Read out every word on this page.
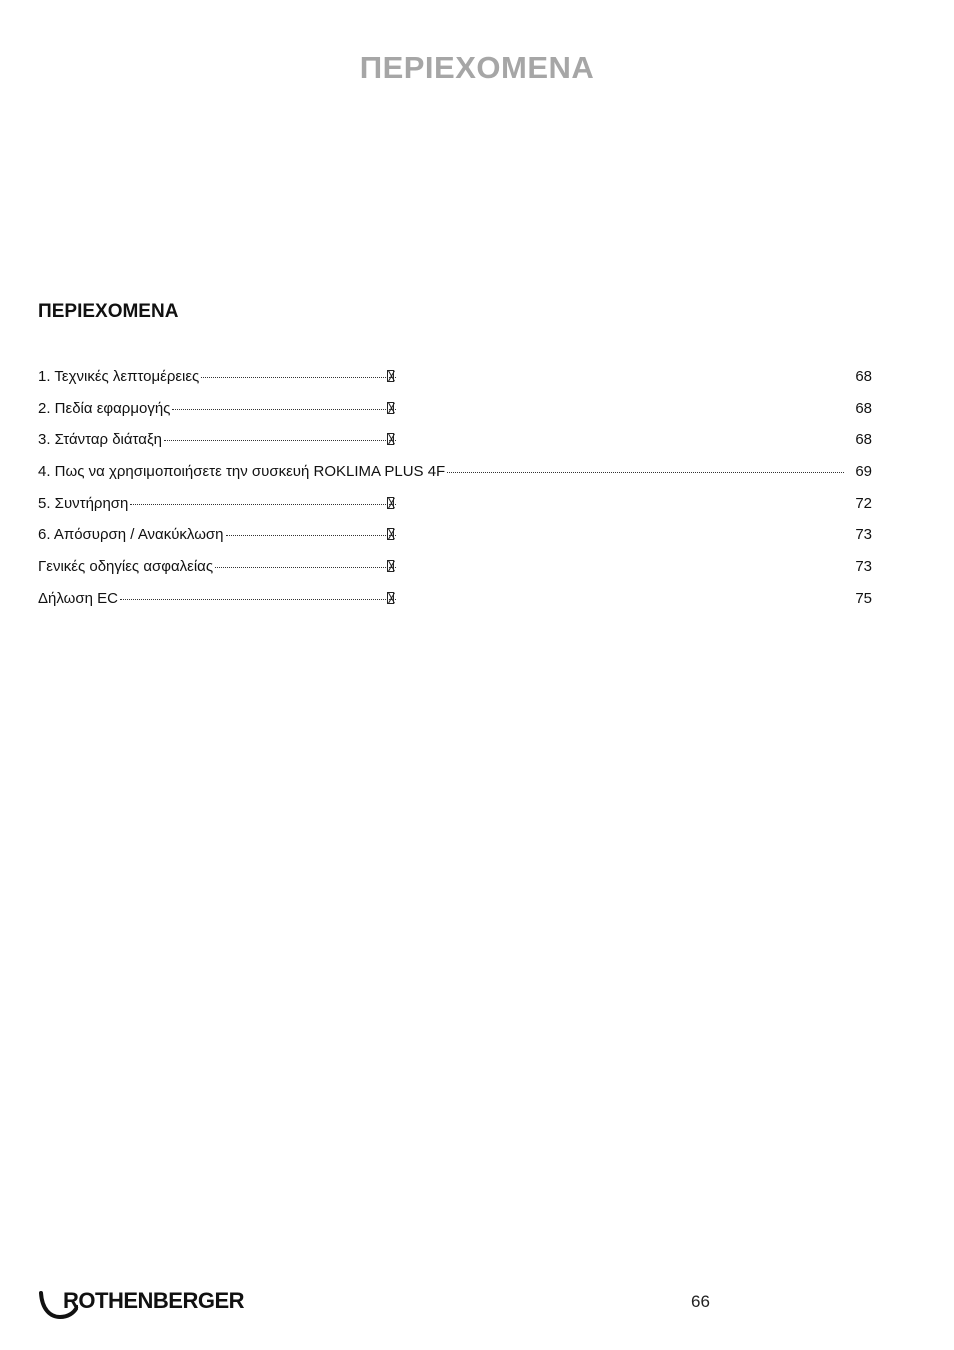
ΠΕΡΙΕΧΟΜΕΝΑ
ΠΕΡΙΕΧΟΜΕΝΑ
1. Τεχνικές λεπτομέρειες	68
2. Πεδία εφαρμογής	68
3. Στάνταρ διάταξη	68
4. Πως να χρησιμοποιήσετε την συσκευή ROKLIMA PLUS 4F	69
5. Συντήρηση	72
6. Απόσυρση / Ανακύκλωση	73
Γενικές οδηγίες ασφαλείας	73
Δήλωση EC	75
ROTHENBERGER	66
